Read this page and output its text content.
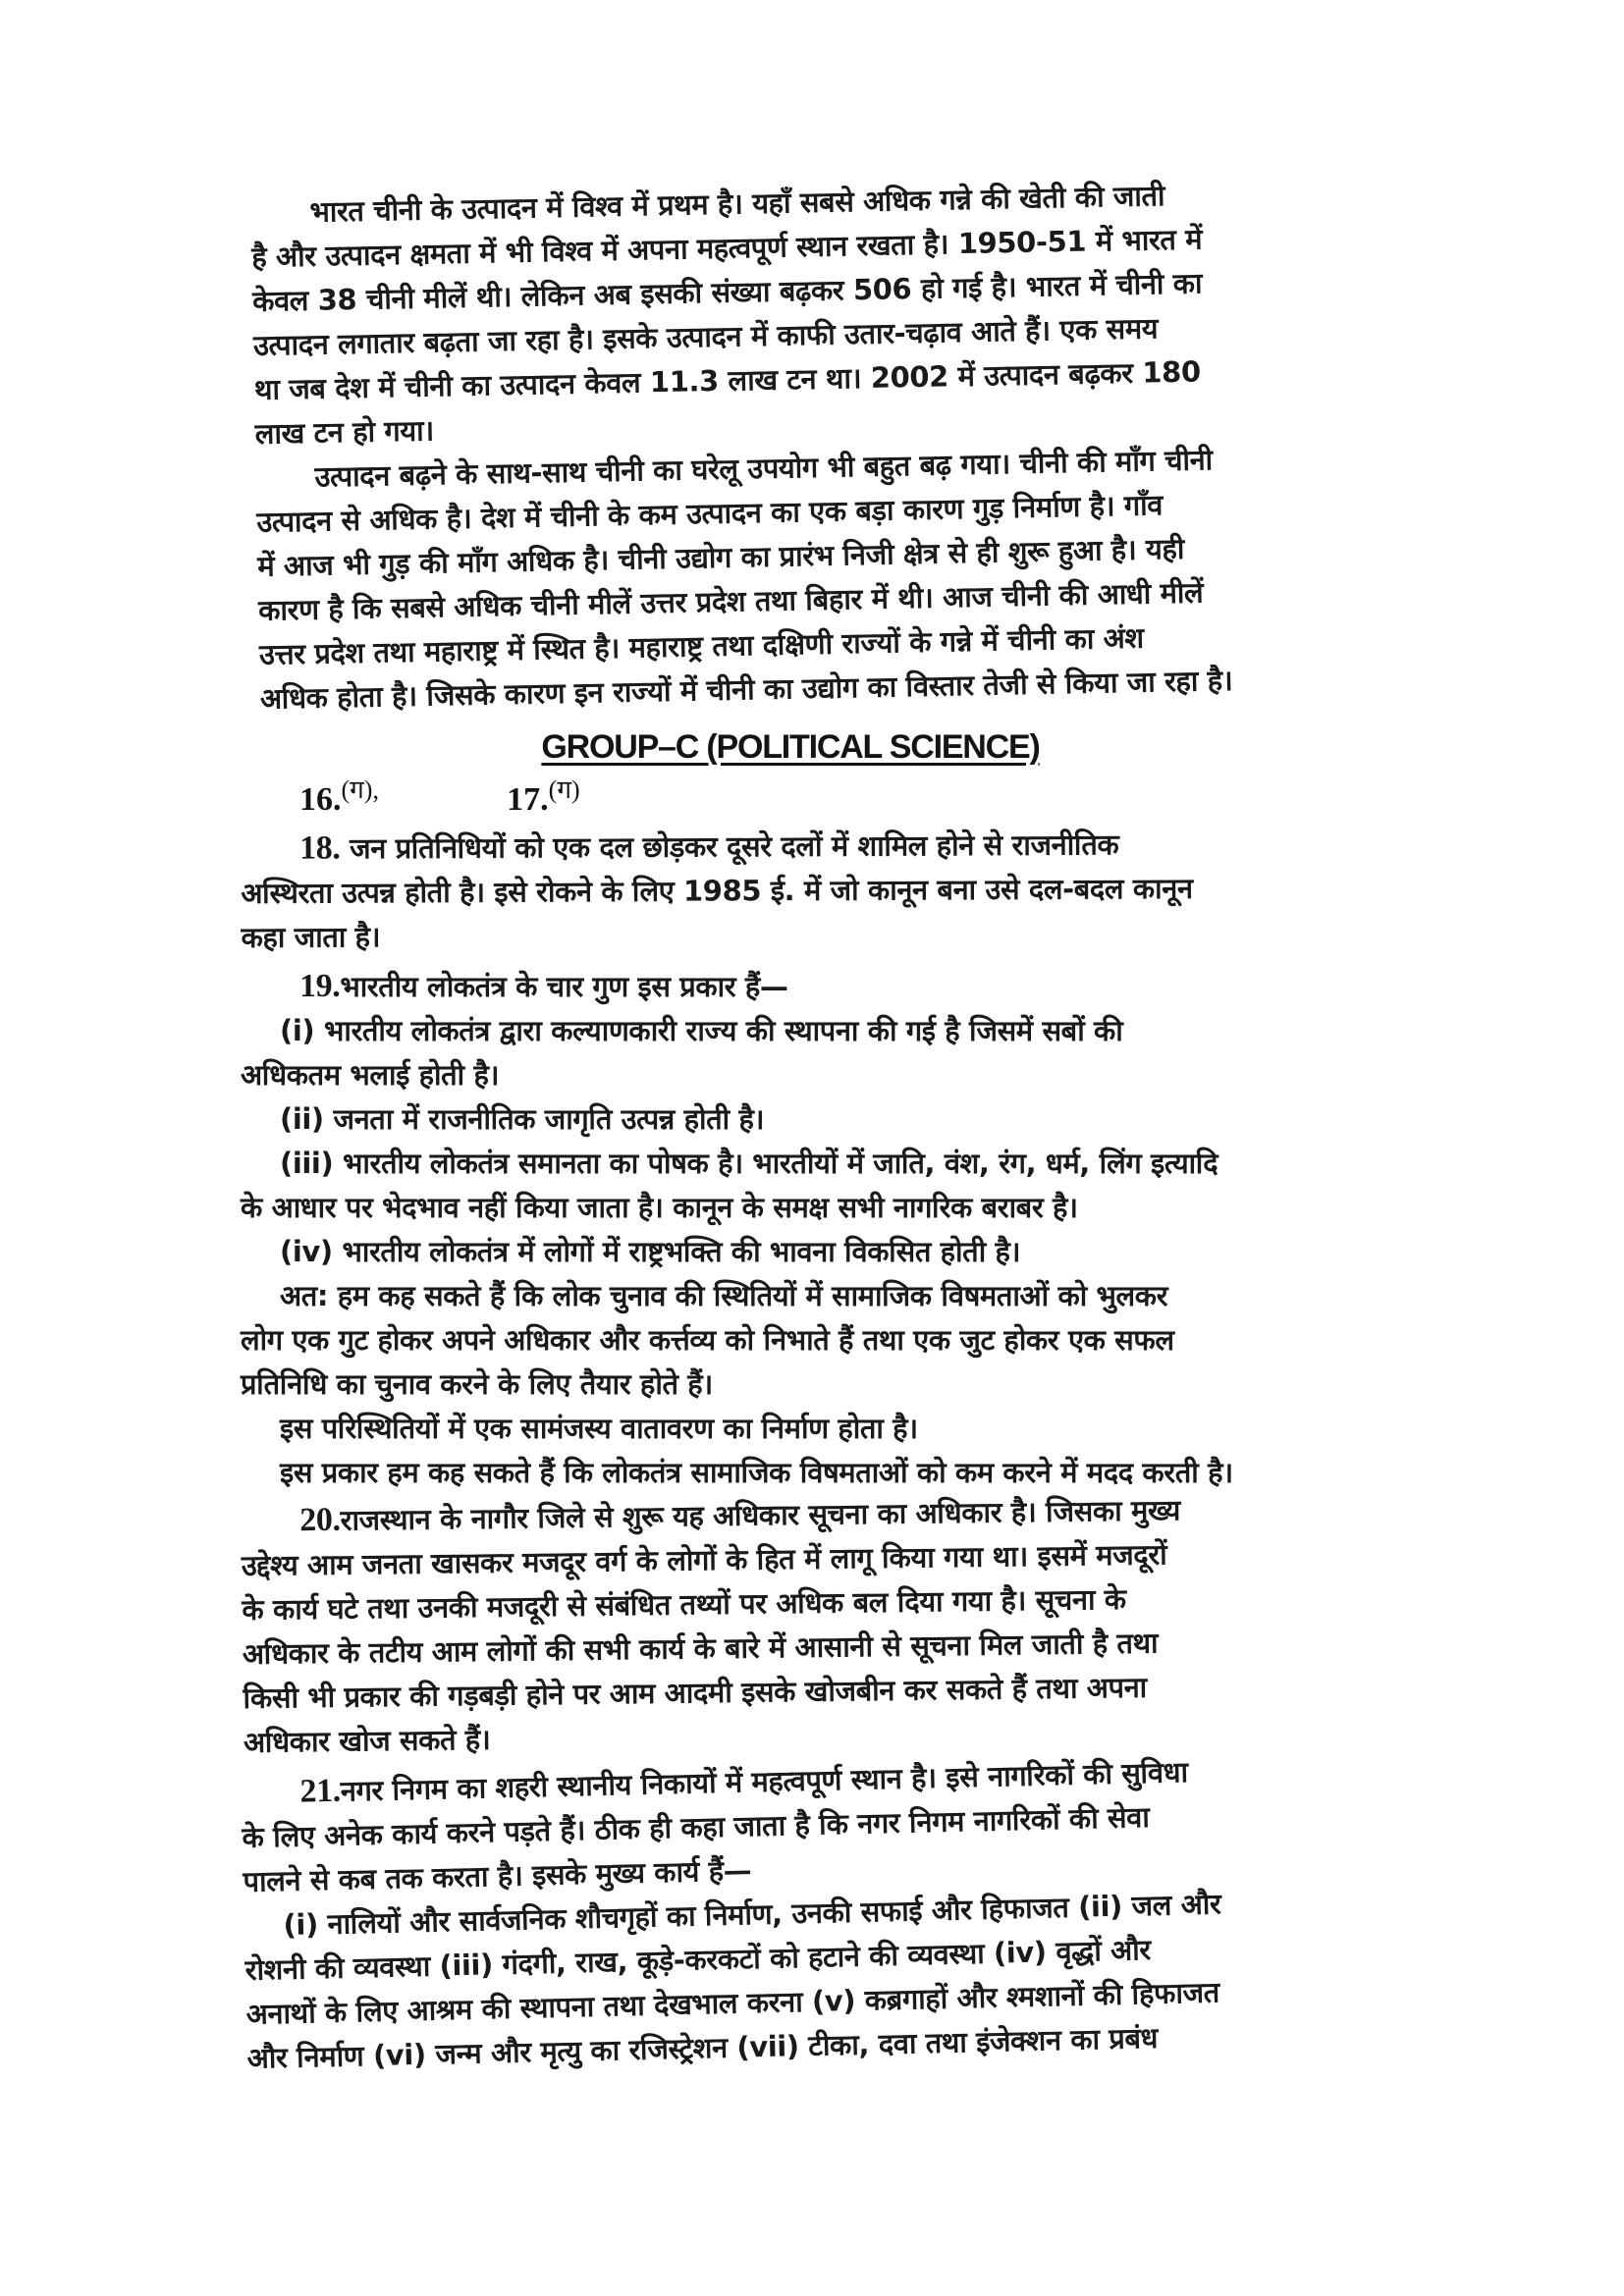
भारत चीनी के उत्पादन में विश्व में प्रथम है। यहाँ सबसे अधिक गन्ने की खेती की जाती
है और उत्पादन क्षमता में भी विश्व में अपना महत्वपूर्ण स्थान रखता है। 1950-51 में भारत में
केवल 38 चीनी मीलें थी। लेकिन अब इसकी संख्या बढ़कर 506 हो गई है। भारत में चीनी का
उत्पादन लगातार बढ़ता जा रहा है। इसके उत्पादन में काफी उतार-चढ़ाव आते हैं। एक समय
था जब देश में चीनी का उत्पादन केवल 11.3 लाख टन था। 2002 में उत्पादन बढ़कर 180
लाख टन हो गया।
उत्पादन बढ़ने के साथ-साथ चीनी का घरेलू उपयोग भी बहुत बढ़ गया। चीनी की माँग चीनी
उत्पादन से अधिक है। देश में चीनी के कम उत्पादन का एक बड़ा कारण गुड़ निर्माण है। गाँव
में आज भी गुड़ की माँग अधिक है। चीनी उद्योग का प्रारंभ निजी क्षेत्र से ही शुरू हुआ है। यही
कारण है कि सबसे अधिक चीनी मीलें उत्तर प्रदेश तथा बिहार में थी। आज चीनी की आधी मीलें
उत्तर प्रदेश तथा महाराष्ट्र में स्थित है। महाराष्ट्र तथा दक्षिणी राज्यों के गन्ने में चीनी का अंश
अधिक होता है। जिसके कारण इन राज्यों में चीनी का उद्योग का विस्तार तेजी से किया जा रहा है।
GROUP–C (POLITICAL SCIENCE)
16.(ग),	17.(ग)
18. जन प्रतिनिधियों को एक दल छोड़कर दूसरे दलों में शामिल होने से राजनीतिक
अस्थिरता उत्पन्न होती है। इसे रोकने के लिए 1985 ई. में जो कानून बना उसे दल-बदल कानून
कहा जाता है।
19.भारतीय लोकतंत्र के चार गुण इस प्रकार हैं—
(i) भारतीय लोकतंत्र द्वारा कल्याणकारी राज्य की स्थापना की गई है जिसमें सबों की
अधिकतम भलाई होती है।
(ii) जनता में राजनीतिक जागृति उत्पन्न होती है।
(iii) भारतीय लोकतंत्र समानता का पोषक है। भारतीयों में जाति, वंश, रंग, धर्म, लिंग इत्यादि
के आधार पर भेदभाव नहीं किया जाता है। कानून के समक्ष सभी नागरिक बराबर है।
(iv) भारतीय लोकतंत्र में लोगों में राष्ट्रभक्ति की भावना विकसित होती है।
अत: हम कह सकते हैं कि लोक चुनाव की स्थितियों में सामाजिक विषमताओं को भुलकर
लोग एक गुट होकर अपने अधिकार और कर्त्तव्य को निभाते हैं तथा एक जुट होकर एक सफल
प्रतिनिधि का चुनाव करने के लिए तैयार होते हैं।
इस परिस्थितियों में एक सामंजस्य वातावरण का निर्माण होता है।
इस प्रकार हम कह सकते हैं कि लोकतंत्र सामाजिक विषमताओं को कम करने में मदद करती है।
20.राजस्थान के नागौर जिले से शुरू यह अधिकार सूचना का अधिकार है। जिसका मुख्य
उद्देश्य आम जनता खासकर मजदूर वर्ग के लोगों के हित में लागू किया गया था। इसमें मजदूरों
के कार्य घटे तथा उनकी मजदूरी से संबंधित तथ्यों पर अधिक बल दिया गया है। सूचना के
अधिकार के तटीय आम लोगों की सभी कार्य के बारे में आसानी से सूचना मिल जाती है तथा
किसी भी प्रकार की गड़बड़ी होने पर आम आदमी इसके खोजबीन कर सकते हैं तथा अपना
अधिकार खोज सकते हैं।
21.नगर निगम का शहरी स्थानीय निकायों में महत्वपूर्ण स्थान है। इसे नागरिकों की सुविधा
के लिए अनेक कार्य करने पड़ते हैं। ठीक ही कहा जाता है कि नगर निगम नागरिकों की सेवा
पालने से कब तक करता है। इसके मुख्य कार्य हैं—
(i) नालियों और सार्वजनिक शौचगृहों का निर्माण, उनकी सफाई और हिफाजत (ii) जल और
रोशनी की व्यवस्था (iii) गंदगी, राख, कूड़े-करकटों को हटाने की व्यवस्था (iv) वृद्धों और
अनाथों के लिए आश्रम की स्थापना तथा देखभाल करना (v) कब्रगाहों और श्मशानों की हिफाजत
और निर्माण (vi) जन्म और मृत्यु का रजिस्ट्रेशन (vii) टीका, दवा तथा इंजेक्शन का प्रबंध
